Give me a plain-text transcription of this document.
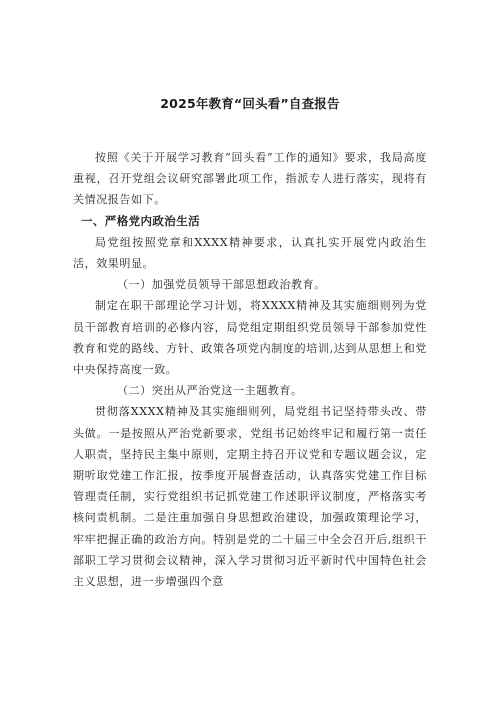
2025年教育“回头看”自查报告

按照《关于开展学习教育“回头看”工作的通知》要求，我局高度重视，召开党组会议研究部署此项工作，指派专人进行落实，现将有关情况报告如下。

一、严格党内政治生活

局党组按照党章和XXXX精神要求，认真扎实开展党内政治生活，效果明显。

（一）加强党员领导干部思想政治教育。

制定在职干部理论学习计划，将XXXX精神及其实施细则列为党员干部教育培训的必修内容，局党组定期组织党员领导干部参加党性教育和党的路线、方针、政策各项党内制度的培训,达到从思想上和党中央保持高度一致。

（二）突出从严治党这一主题教育。

贯彻落XXXX精神及其实施细则列，局党组书记坚持带头改、带头做。一是按照从严治党新要求，党组书记始终牢记和履行第一责任人职责，坚持民主集中原则，定期主持召开议党和专题议题会议，定期听取党建工作汇报，按季度开展督查活动，认真落实党建工作目标管理责任制，实行党组织书记抓党建工作述职评议制度，严格落实考核问责机制。二是注重加强自身思想政治建设，加强政策理论学习，牢牢把握正确的政治方向。特别是党的二十届三中全会召开后,组织干部职工学习贯彻会议精神，深入学习贯彻习近平新时代中国特色社会主义思想，进一步增强四个意
